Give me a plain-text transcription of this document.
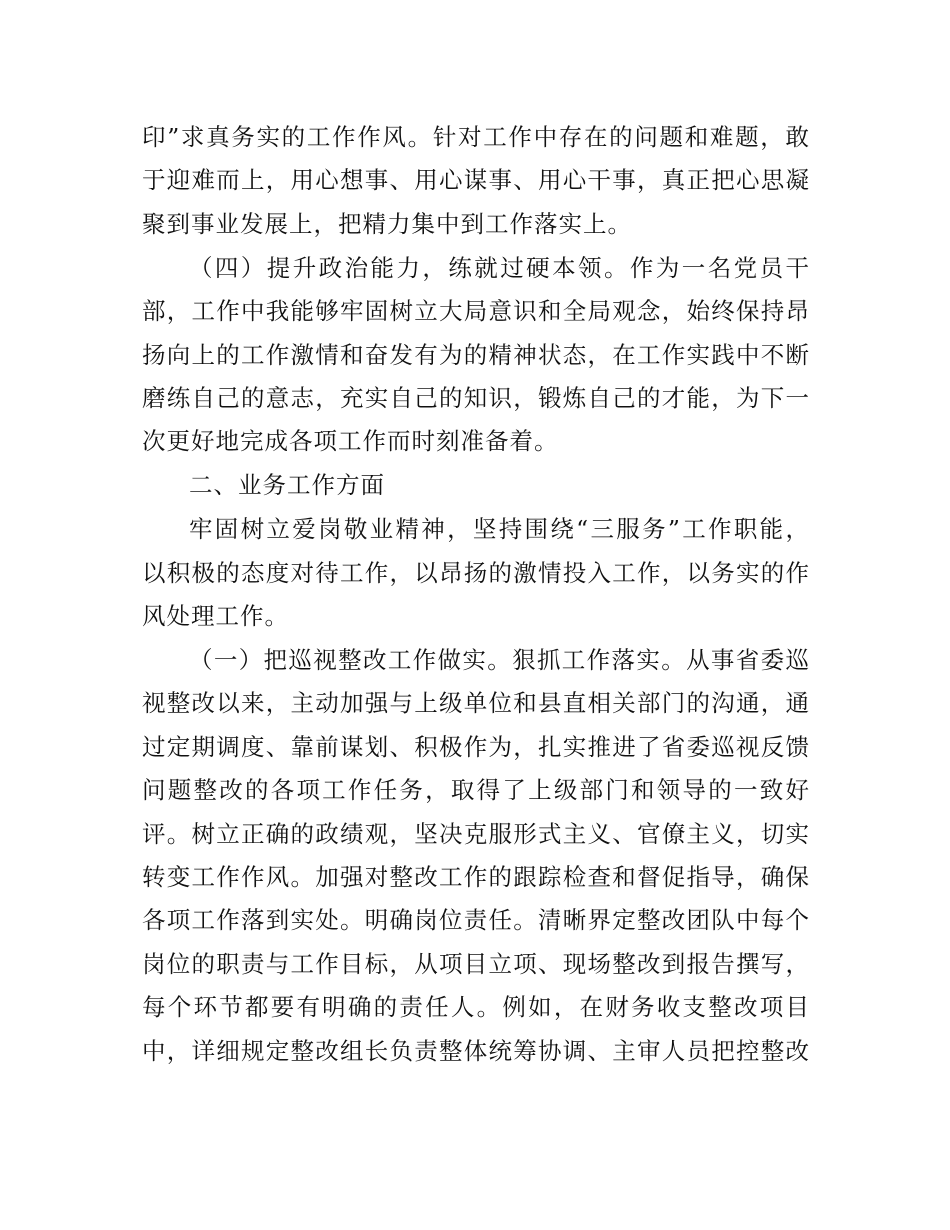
印”求真务实的工作作风。针对工作中存在的问题和难题，敢
于迎难而上，用心想事、用心谋事、用心干事，真正把心思凝
聚到事业发展上，把精力集中到工作落实上。
（四）提升政治能力，练就过硬本领。作为一名党员干
部，工作中我能够牢固树立大局意识和全局观念，始终保持昂
扬向上的工作激情和奋发有为的精神状态，在工作实践中不断
磨练自己的意志，充实自己的知识，锻炼自己的才能，为下一
次更好地完成各项工作而时刻准备着。
二、业务工作方面
牢固树立爱岗敬业精神，坚持围绕“三服务”工作职能，
以积极的态度对待工作，以昂扬的激情投入工作，以务实的作
风处理工作。
（一）把巡视整改工作做实。狠抓工作落实。从事省委巡
视整改以来，主动加强与上级单位和县直相关部门的沟通，通
过定期调度、靠前谋划、积极作为，扎实推进了省委巡视反馈
问题整改的各项工作任务，取得了上级部门和领导的一致好
评。树立正确的政绩观，坚决克服形式主义、官僚主义，切实
转变工作作风。加强对整改工作的跟踪检查和督促指导，确保
各项工作落到实处。明确岗位责任。清晰界定整改团队中每个
岗位的职责与工作目标，从项目立项、现场整改到报告撰写，
每个环节都要有明确的责任人。例如，在财务收支整改项目
中，详细规定整改组长负责整体统筹协调、主审人员把控整改
